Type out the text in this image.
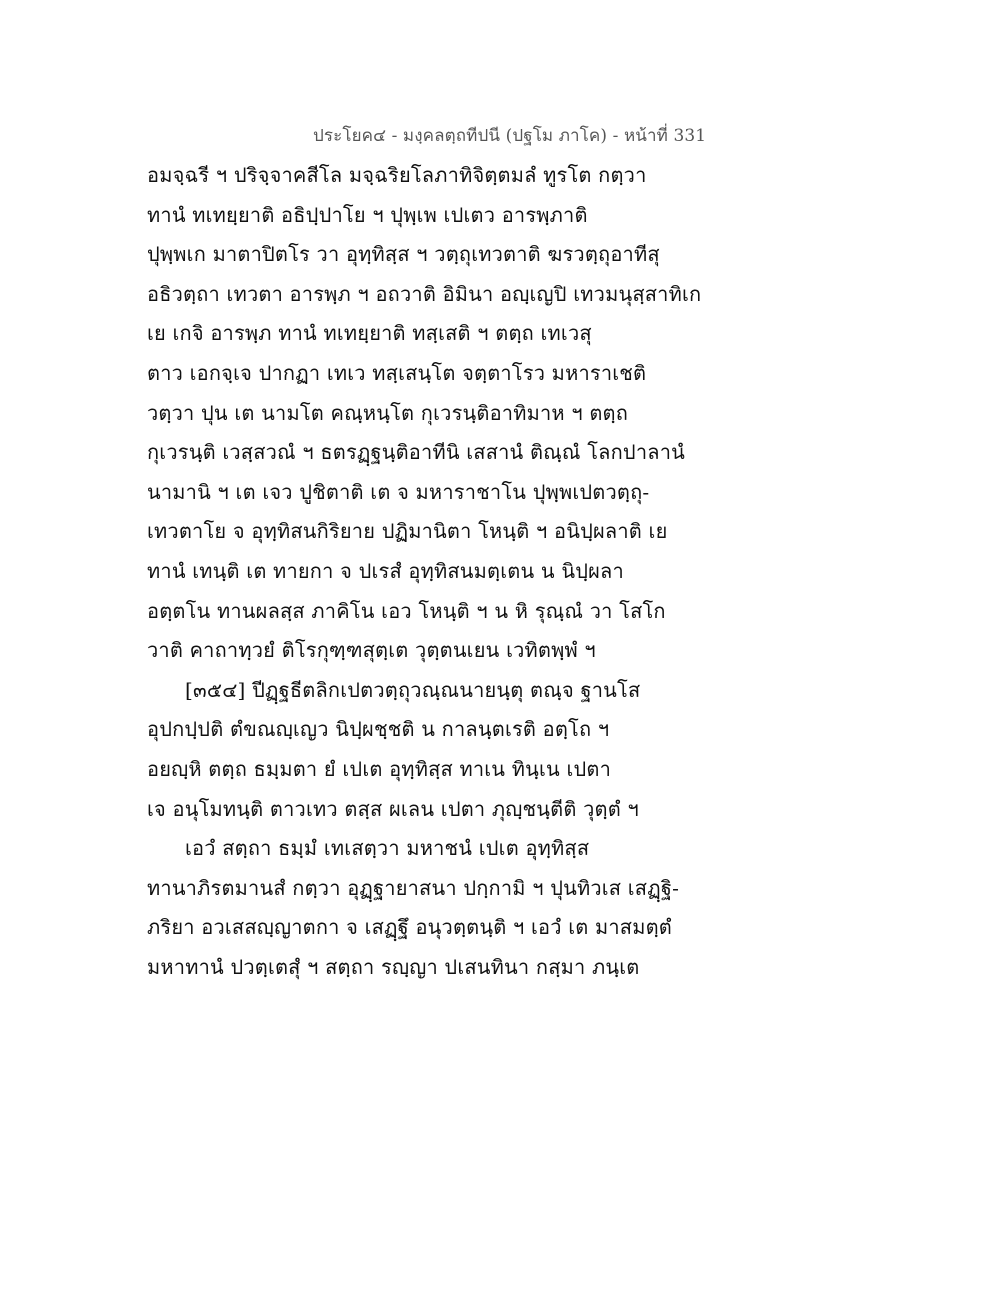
ประโยค๔ - มงฺคลตฺถทีปนี (ปฐโม ภาโค) - หน้าที่ 331
อมจฺฉรี ฯ ปริจฺจาคสีโล มจฺฉริยโลภาทิจิตฺตมลํ ทูรโต กตฺวา
ทานํ ทเทยฺยาติ อธิปฺปาโย ฯ ปุพฺเพ เปเตว อารพฺภาติ
ปุพฺพเก มาตาปิตโร วา อุทฺทิสฺส ฯ วตฺถุเทวตาติ ฆรวตฺถุอาทีสุ
อธิวตฺถา เทวตา อารพฺภ ฯ อถวาติ อิมินา อญฺเญปิ เทวมนุสฺสาทิเก
เย เกจิ อารพฺภ ทานํ ทเทยฺยาติ ทสฺเสติ ฯ ตตฺถ เทเวสุ
ตาว เอกจฺเจ ปากฏา เทเว ทสฺเสนฺโต จตฺตาโรว มหาราเชติ
วตฺวา ปุน เต นามโต คณฺหนฺโต กุเวรนฺติอาทิมาห ฯ ตตฺถ
กุเวรนฺติ เวสฺสวณํ ฯ ธตรฏฺฐนฺติอาทีนิ เสสานํ ติณฺณํ โลกปาลานํ
นามานิ ฯ เต เจว ปูชิตาติ เต จ มหาราชาโน ปุพฺพเปตวตฺถุ-
เทวตาโย จ อุทฺทิสนกิริยาย ปฏิมานิตา โหนฺติ ฯ อนิปฺผลาติ เย
ทานํ เทนฺติ เต ทายกา จ ปเรสํ อุทฺทิสนมตฺเตน น นิปฺผลา
อตฺตโน ทานผลสฺส ภาคิโน เอว โหนฺติ ฯ น หิ รุณฺณํ วา โสโก
วาติ คาถาทฺวยํ ติโรกุฑฺฑสุตฺเต วุตฺตนเยน เวทิตพฺพํ ฯ
[๓๕๔] ปีฏฺฐธีตลิกเปตวตฺถุวณฺณนายนฺตุ ตณฺจ ฐานโส
อุปกปฺปติ ตํขณญฺเญว นิปฺผชฺชติ น กาลนฺตเรติ อตฺโถ ฯ
อยญฺหิ ตตฺถ ธมฺมตา ยํ เปเต อุทฺทิสฺส ทาเน ทินฺเน เปตา
เจ อนุโมทนฺติ ตาวเทว ตสฺส ผเลน เปตา ภุญฺชนฺตีติ วุตฺตํ ฯ
เอวํ สตฺถา ธมฺมํ เทเสตฺวา มหาชนํ เปเต อุทฺทิสฺส
ทานาภิรตมานสํ กตฺวา อุฏฺฐายาสนา ปกฺกามิ ฯ ปุนทิวเส เสฏฺฐิ-
ภริยา อวเสสญฺญาตกา จ เสฏฺฐึ อนุวตฺตนฺติ ฯ เอวํ เต มาสมตฺตํ
มหาทานํ ปวตฺเตสุํ ฯ สตฺถา รญฺญา ปเสนทินา กสฺมา ภนฺเต
